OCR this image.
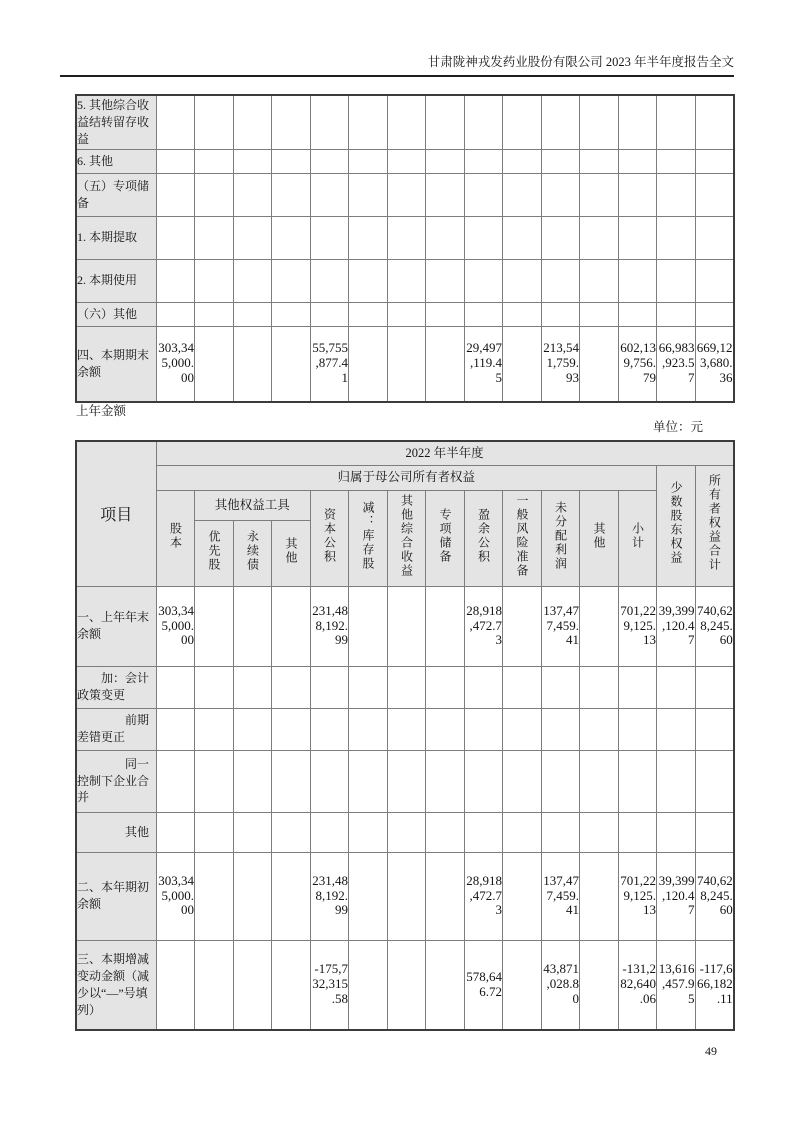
甘肃陇神戎发药业股份有限公司 2023 年半年度报告全文
5. 其他综合收益结转留存收益															
6. 其他															
（五）专项储备															
1. 本期提取															
2. 本期使用															
（六）其他															
四、本期期末余额	303,345,000.00				55,755,877.41				29,497,119.45		213,541,759.93		602,139,756.79	66,983,923.57	669,123,680.36
上年金额
单位：元
项目	2022 年半年度														
	归属于母公司所有者权益													少数股东权益	所有者权益合计
	股本	其他权益工具			资本公积	减：库存股	其他综合收益	专项储备	盈余公积	一般风险准备	未分配利润	其他	小计		
		优先股	永续债	其他											
一、上年年末余额	303,345,000.00				231,488,192.99				28,918,472.73		137,477,459.41		701,229,125.13	39,399,120.47	740,628,245.60
　　加：会计政策变更															
　　　　前期差错更正															
　　　　同一控制下企业合并															
　　　　其他															
二、本年期初余额	303,345,000.00				231,488,192.99				28,918,472.73		137,477,459.41		701,229,125.13	39,399,120.47	740,628,245.60
三、本期增减变动金额（减少以“—”号填列）					-175,732,315.58				578,646.72		43,871,028.80		-131,282,640.06	13,616,457.95	-117,666,182.11
49
